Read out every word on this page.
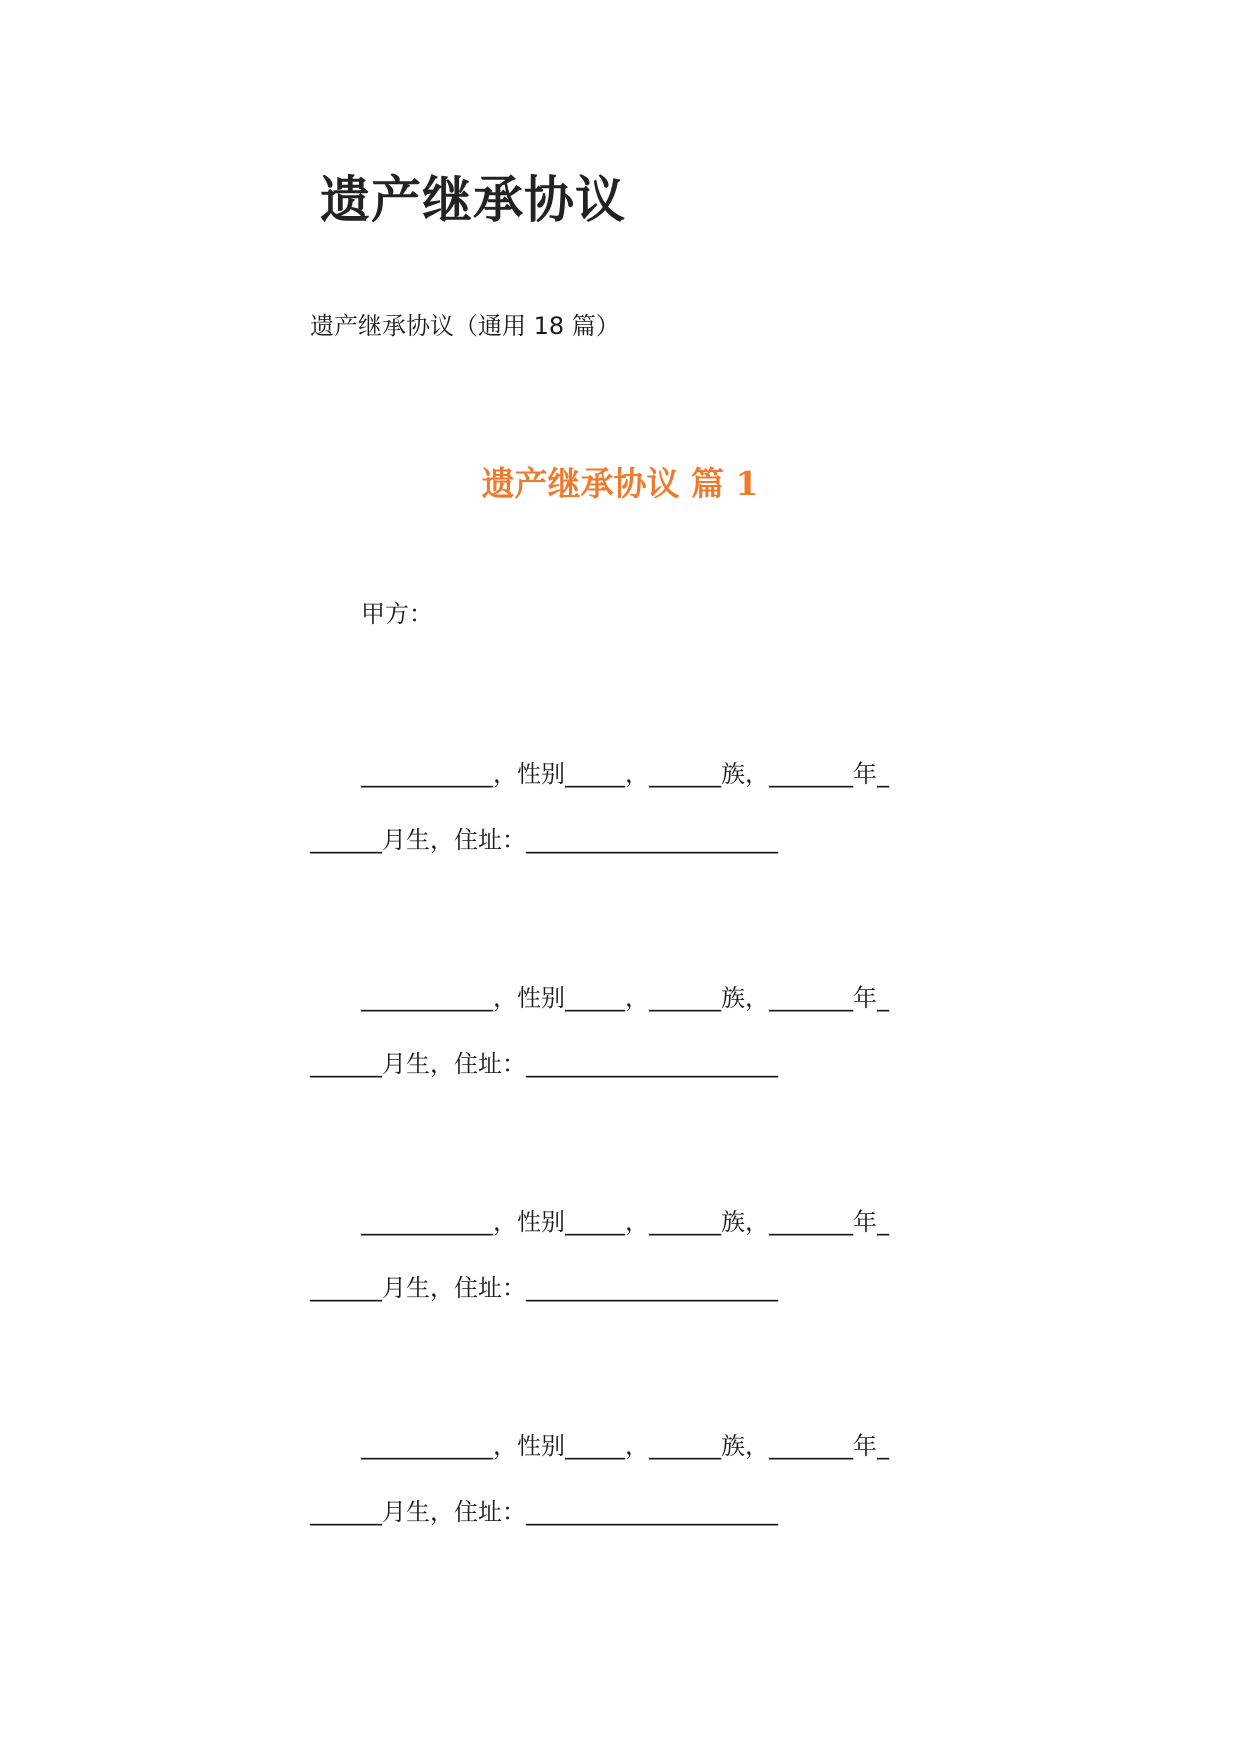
遗产继承协议

遗产继承协议（通用 18 篇）

遗产继承协议 篇 1

甲方：

___________，性别_____，______族，_______年_

______月生，住址：_____________________

___________，性别_____，______族，_______年_

______月生，住址：_____________________

___________，性别_____，______族，_______年_

______月生，住址：_____________________

___________，性别_____，______族，_______年_

______月生，住址：_____________________
